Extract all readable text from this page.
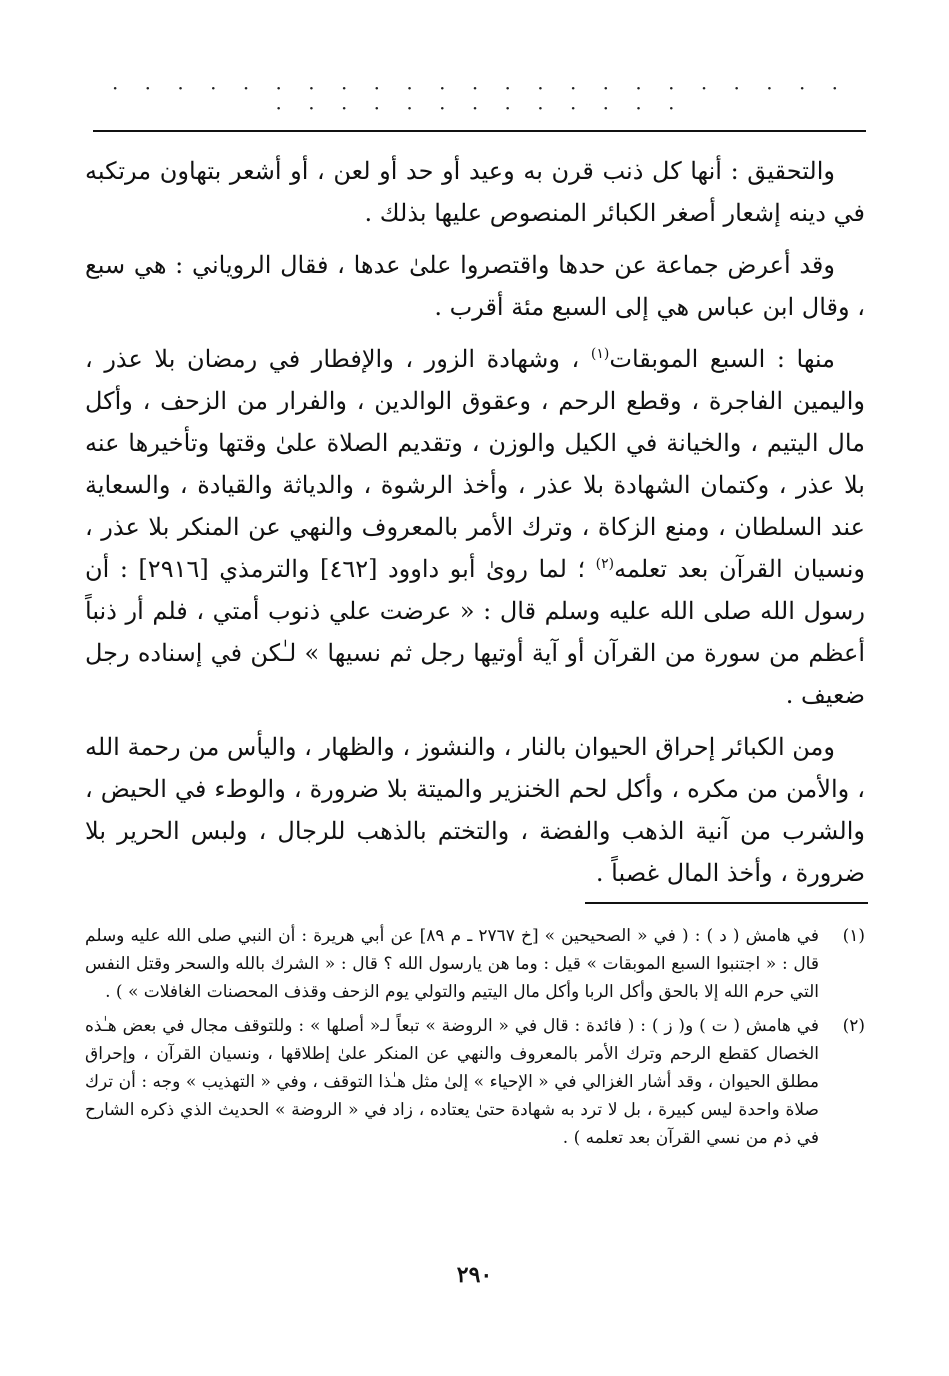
· · · · · · · · · · · · · · · · · · · · · · · · · · · · · · · · · · · ·

والتحقيق : أنها كل ذنب قرن به وعيد أو حد أو لعن ، أو أشعر بتهاون مرتكبه في دينه إشعار أصغر الكبائر المنصوص عليها بذلك .

وقد أعرض جماعة عن حدها واقتصروا علىٰ عدها ، فقال الروياني : هي سبع ، وقال ابن عباس هي إلى السبع مئة أقرب .

منها : السبع الموبقات$^{(١)}$ ، وشهادة الزور ، والإفطار في رمضان بلا عذر ، واليمين الفاجرة ، وقطع الرحم ، وعقوق الوالدين ، والفرار من الزحف ، وأكل مال اليتيم ، والخيانة في الكيل والوزن ، وتقديم الصلاة علىٰ وقتها وتأخيرها عنه بلا عذر ، وكتمان الشهادة بلا عذر ، وأخذ الرشوة ، والدياثة والقيادة ، والسعاية عند السلطان ، ومنع الزكاة ، وترك الأمر بالمعروف والنهي عن المنكر بلا عذر ، ونسيان القرآن بعد تعلمه$^{(٢)}$ ؛ لما روىٰ أبو داوود [٤٦٢] والترمذي [٢٩١٦] : أن رسول الله صلى الله عليه وسلم قال : « عرضت علي ذنوب أمتي ، فلم أر ذنباً أعظم من سورة من القرآن أو آية أوتيها رجل ثم نسيها » لـٰكن في إسناده رجل ضعيف .

ومن الكبائر إحراق الحيوان بالنار ، والنشوز ، والظهار ، واليأس من رحمة الله ، والأمن من مكره ، وأكل لحم الخنزير والميتة بلا ضرورة ، والوطء في الحيض ، والشرب من آنية الذهب والفضة ، والتختم بالذهب للرجال ، ولبس الحرير بلا ضرورة ، وأخذ المال غصباً .

(١)
في هامش ( د ) : ( في « الصحيحين » [خ ٢٧٦٧ ـ م ٨٩] عن أبي هريرة : أن النبي صلى الله عليه وسلم قال : « اجتنبوا السبع الموبقات » قيل : وما هن يارسول الله ؟ قال : « الشرك بالله والسحر وقتل النفس التي حرم الله إلا بالحق وأكل الربا وأكل مال اليتيم والتولي يوم الزحف وقذف المحصنات الغافلات » ) .
(٢)
في هامش ( ت ) و( ز ) : ( فائدة : قال في « الروضة » تبعاً لـ« أصلها » : وللتوقف مجال في بعض هـٰذه الخصال كقطع الرحم وترك الأمر بالمعروف والنهي عن المنكر علىٰ إطلاقها ، ونسيان القرآن ، وإحراق مطلق الحيوان ، وقد أشار الغزالي في « الإحياء » إلىٰ مثل هـٰذا التوقف ، وفي « التهذيب » وجه : أن ترك صلاة واحدة ليس كبيرة ، بل لا ترد به شهادة حتىٰ يعتاده ، زاد في « الروضة » الحديث الذي ذكره الشارح في ذم من نسي القرآن بعد تعلمه ) .
٢٩٠
